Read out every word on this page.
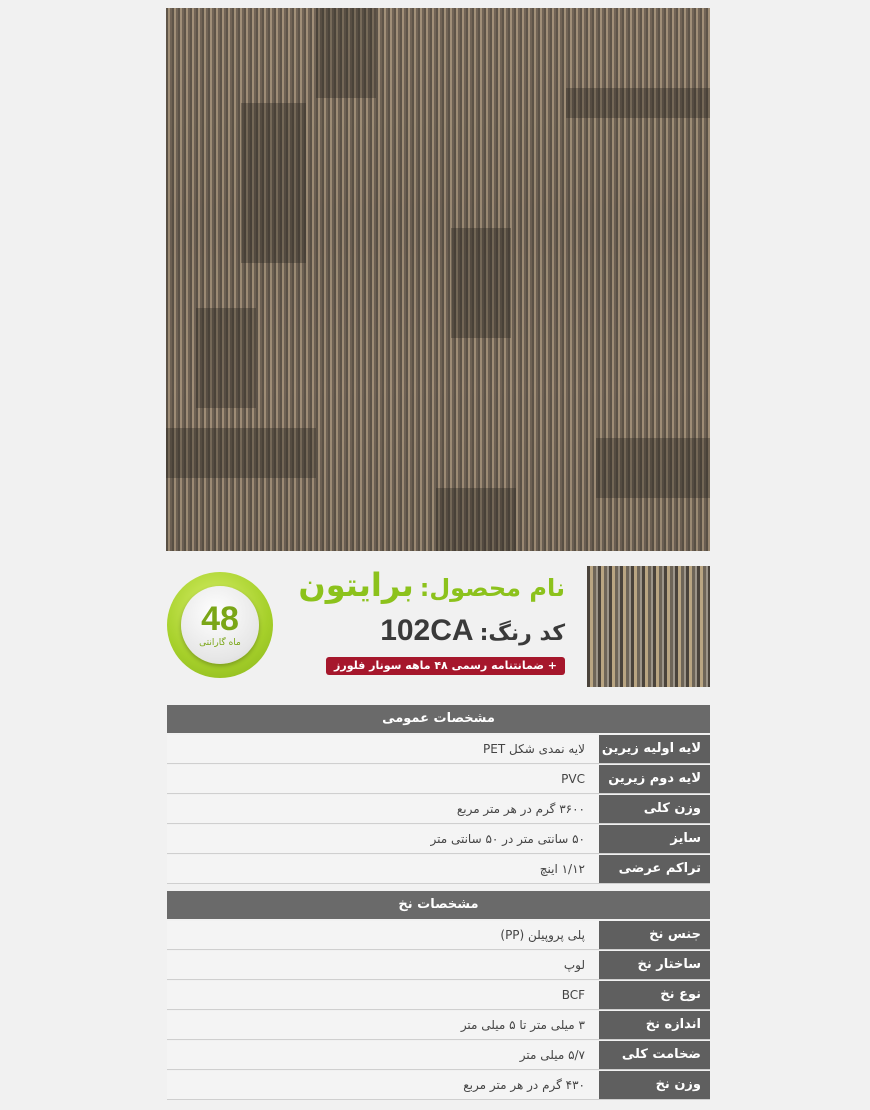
48
ماه گارانتی
نام محصول:برایتون
کد رنگ:102CA
+ ضمانتنامه رسمی ۴۸ ماهه سونار فلورز
مشخصات عمومی
لایه اولیه زیرین
لایه نمدی شکل PET
لایه دوم زیرین
PVC
وزن کلی
۳۶۰۰ گرم در هر متر مربع
سایز
۵۰ سانتی متر در ۵۰ سانتی متر
تراکم عرضی
۱/۱۲ اینچ
مشخصات نخ
جنس نخ
پلی پروپیلن (PP)
ساختار نخ
لوپ
نوع نخ
BCF
اندازه نخ
۳ میلی متر تا ۵ میلی متر
ضخامت کلی
۵/۷ میلی متر
وزن نخ
۴۳۰ گرم در هر متر مربع
